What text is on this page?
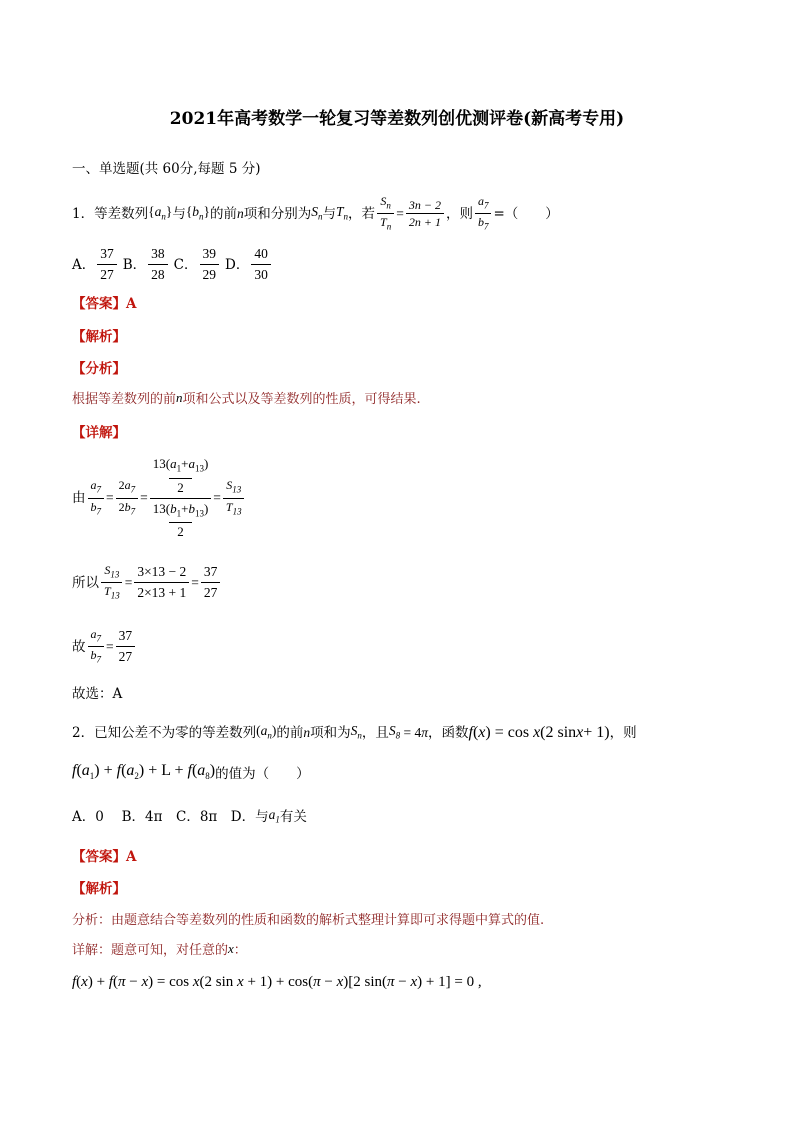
2021年高考数学一轮复习等差数列创优测评卷(新高考专用)
一、单选题(共 60分,每题 5 分)
1．等差数列 $\{a_n\}$ 与 $\{b_n\}$ 的前 n 项和分别为 $S_n$ 与 $T_n$ ，若 $\frac{S_n}{T_n} = \frac{3n - 2}{2n + 1}$ ，则 $\frac{a_7}{b_7}$ =（　　）
A． $\frac{37}{27}$ B． $\frac{38}{28}$ C． $\frac{39}{29}$ D． $\frac{40}{30}$
【答案】A
【解析】
【分析】
根据等差数列的前 n 项和公式以及等差数列的性质，可得结果.
【详解】
由 $\frac{a_7}{b_7} = \frac{2a_7}{2b_7} = 13(a_1+a_{13})$
2
$13(b_1+b_{13})$
$2 = \frac{S_{13}}{T_{13}}$
所以 $\frac{S_{13}}{T_{13}} = \frac{3\times 13 - 2}{2\times 13 + 1} = \frac{37}{27}$
故 $\frac{a_7}{b_7} = \frac{37}{27}$
故选：A
2．已知公差不为零的等差数列 $(a_n)$ 的前 n 项和为 $S_n$ ，且 $S_8 = 4$ π ，函数 f ( x ) = cos x (2 sin x + 1) ，则
$f(a_1) + f(a_2) + L + f(a_8)$ 的值为（　　）
A．0　 B．4π　C．8π　D．与 $a_1$ 有关
【答案】A
【解析】
分析：由题意结合等差数列的性质和函数的解析式整理计算即可求得题中算式的值.
详解：题意可知，对任意的 x ：
f(x) + f(π − x) = cos x(2 sin x + 1) + cos(π − x)[2 sin(π − x) + 1] = 0 ,
